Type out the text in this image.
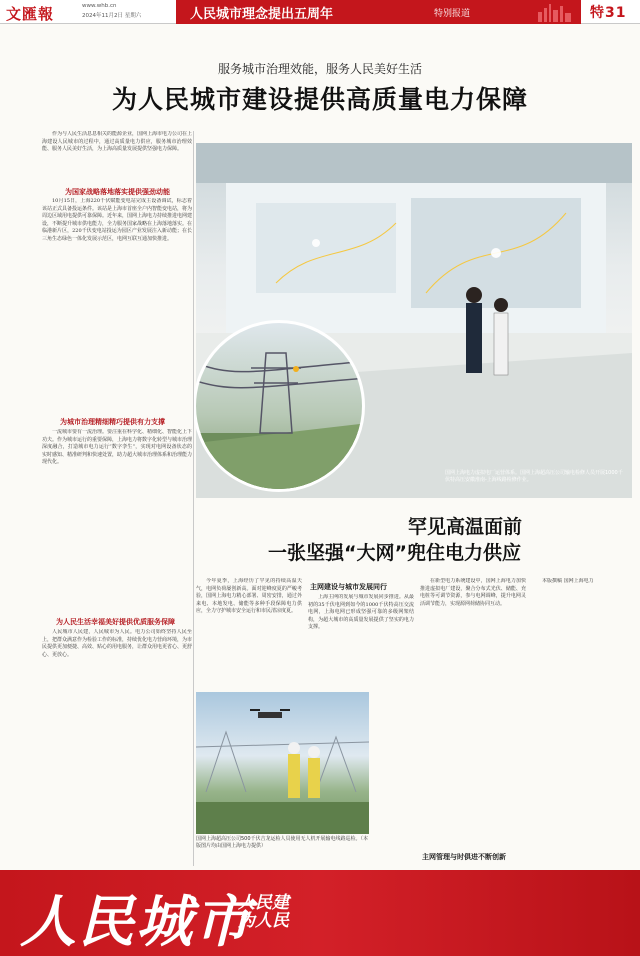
文匯報	www.whb.cn
2024年11月2日 星期六	人民城市理念提出五周年	特别报道	特31
服务城市治理效能，服务人民美好生活
为人民城市建设提供高质量电力保障

作为与人民生活息息相关的能源企业，国网上海市电力公司在上海建设人民城市的过程中，通过高质量电力供应，服务城市治理效能、服务人民美好生活，为上海高质量发展提供坚强电力保障。

为国家战略落地落实提供强劲动能

10月15日，上海220千伏赋能变电站完成主设备调试，标志着该站正式具备投运条件。该站是上海市首座全户内智能变电站，将为周边区域用电提供可靠保障。近年来，国网上海电力持续推进电网建设，不断提升城市供电能力，全力服务国家战略在上海落地落实。在临港新片区，220千伏变电站投运为园区产业发展注入新动能；在长三角生态绿色一体化发展示范区，电网互联互通加快推进。

为城市治理精细精巧提供有力支撑

一流城市要有一流治理。要注重在科学化、精细化、智能化上下功夫。作为城市运行的重要保障，上海电力将数字化转型与城市治理深度融合，打造城市电力运行“数字孪生”，实现对电网设备状态的实时感知、精准研判和快速处置，助力超大城市治理体系和治理能力现代化。

为人民生活幸福美好提供优质服务保障

人民城市人民建，人民城市为人民。电力公司始终坚持人民至上，把群众满意作为检验工作的标准，持续优化电力营商环境，为市民提供更加便捷、高效、贴心的用电服务，让群众用电更省心、更舒心、更放心。

国网上海电力虚拟电厂运营体系。国网上海超高压公司输电检修人员开展1000千伏特高压安徽淮南-上海线路检修作业。
罕见高温面前
一张坚强“大网”兜住电力供应

今年夏季，上海经历了罕见的持续高温天气，电网负荷屡创新高。面对迎峰度夏的严峻考验，国网上海电力精心部署、周密安排，通过外来电、本地发电、储能等多种手段保障电力供应，全力守护城市安全运行和市民清凉度夏。

主网建设与城市发展同行

上海主网的发展与城市发展同步推进。从最初的35千伏电网到如今的1000千伏特高压交流电网，上海电网已形成坚强可靠的多级网架结构，为超大城市的高质量发展提供了坚实的电力支撑。

在新型电力系统建设中，国网上海电力加快推进虚拟电厂建设，聚合分布式光伏、储能、充电桩等可调节资源，参与电网调峰，提升电网灵活调节能力，实现源网荷储协同互动。

主网管理与时俱进不断创新

本版撰稿 国网上海电力

国网上海超高压公司500千伏吉龙运检人员使用无人机开展输电线路巡检。（本版图片均由国网上海电力提供）
人民城市
人民建
为人民
